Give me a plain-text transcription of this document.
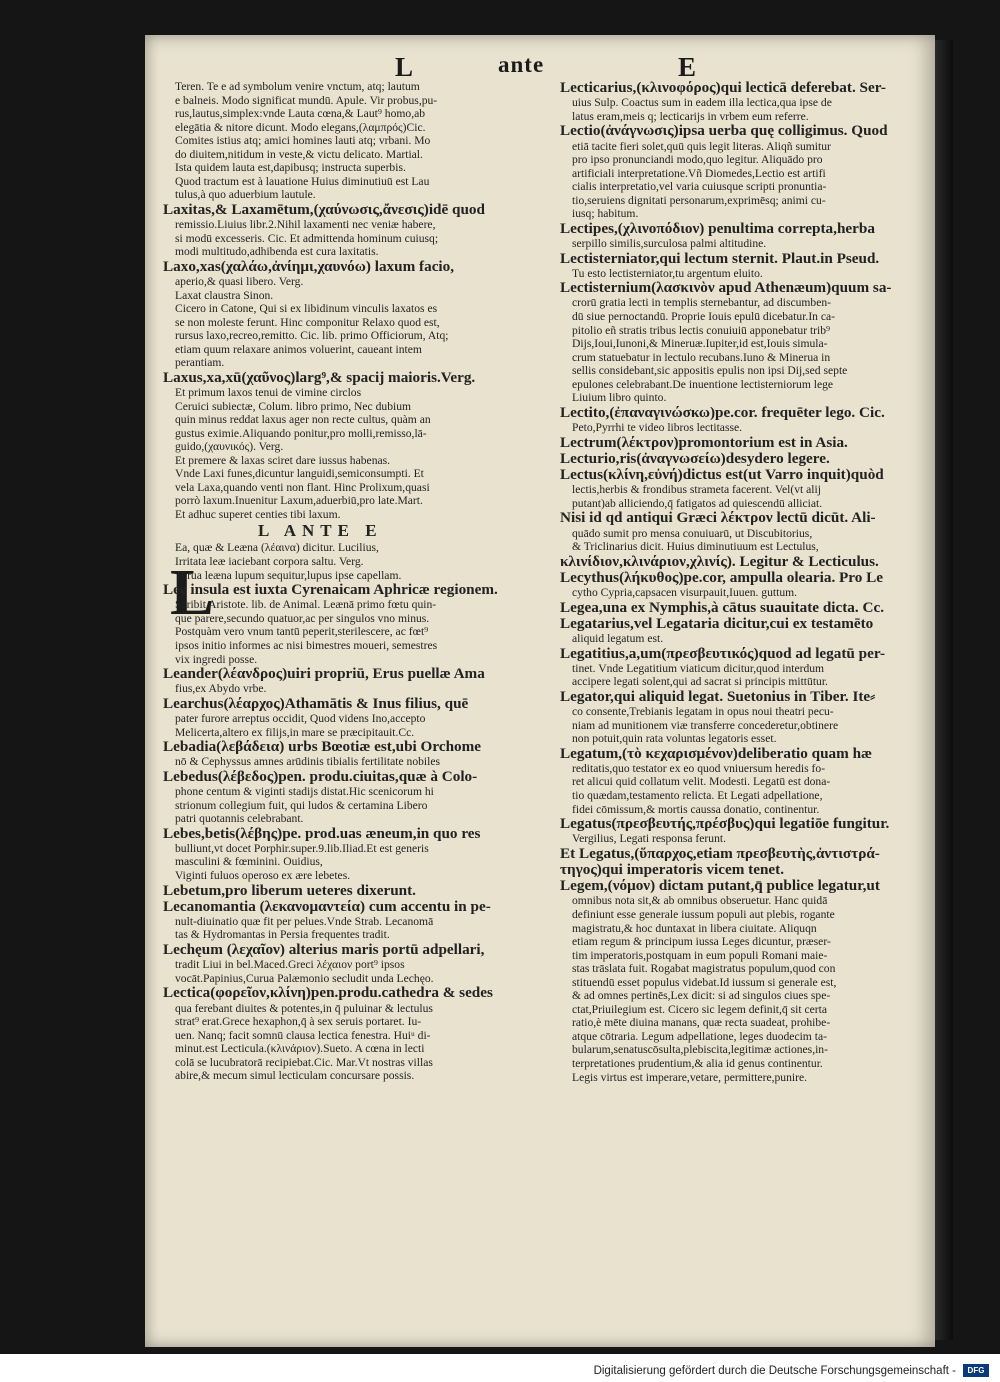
L	ante	E
L
Teren. Te e ad symbolum venire vnctum, atq; lautum
e balneis. Modo significat mundū. Apule. Vir probus,pu-
rus,lautus,simplex:vnde Lauta cœna,& Laut⁹ homo,ab
elegātia & nitore dicunt. Modo elegans,(λαμπρός)Cic.
Comites istius atq; amici homines lauti atq; vrbani. Mo
do diuitem,nitidum in veste,& victu delicato. Martial.
Ista quidem lauta est,dapibusq; instructa superbis.
Quod tractum est à lauatione Huius diminutiuū est Lau
tulus,à quo aduerbium lautule.
Laxitas,& Laxamētum,(χαύνωσις,ἄνεσις)idē quod
remissio.Liuius libr.2.Nihil laxamenti nec veniæ habere,
si modū excesseris. Cic. Et admittenda hominum cuiusq;
modi multitudo,adhibenda est cura laxitatis.
Laxo,xas(χαλάω,ἀνίημι,χαυνόω) laxum facio,
aperio,& quasi libero. Verg.
Laxat claustra Sinon.
Cicero in Catone, Qui si ex libidinum vinculis laxatos es
se non moleste ferunt. Hinc componitur Relaxo quod est,
rursus laxo,recreo,remitto. Cic. lib. primo Officiorum, Atq;
etiam quum relaxare animos voluerint, caueant intem
perantiam.
Laxus,xa,xū(χαῦνος)larg⁹,& spacij maioris.Verg.
Et primum laxos tenui de vimine circlos
Ceruici subiectæ, Colum. libro primo, Nec dubium
quin minus reddat laxus ager non recte cultus, quàm an
gustus eximie.Aliquando ponitur,pro molli,remisso,lā-
guido,(χαυνικός). Verg.
Et premere & laxas sciret dare iussus habenas.
Vnde Laxi funes,dicuntur languidi,semiconsumpti. Et
vela Laxa,quando venti non flant. Hinc Prolixum,quasi
porrò laxum.Inuenitur Laxum,aduerbiū,pro late.Mart.
Et adhuc superet centies tibi laxum.
L ANTE E
Ea, quæ & Leæna (λέαινα) dicitur. Lucilius,
Irritata leæ iaciebant corpora saltu. Verg.
Torua leæna lupum sequitur,lupus ipse capellam.
Lee insula est iuxta Cyrenaicam Aphricæ regionem.
Scribit Aristote. lib. de Animal. Leænā primo fœtu quin-
que parere,secundo quatuor,ac per singulos vno minus.
Postquàm vero vnum tantū peperit,sterilescere, ac fœt⁹
ipsos initio informes ac nisi bimestres moueri, semestres
vix ingredi posse.
Leander(λέανδρος)uiri propriū, Erus puellæ Ama
fius,ex Abydo vrbe.
Learchus(λέαρχος)Athamātis & Inus filius, quē
pater furore arreptus occidit, Quod videns Ino,accepto
Melicerta,altero ex filijs,in mare se præcipitauit.Cc.
Lebadia(λεβάδεια) urbs Bœotiæ est,ubi Orchome
nō & Cephyssus amnes arūdinis tibialis fertilitate nobiles
Lebedus(λέβεδος)pen. produ.ciuitas,quæ à Colo-
phone centum & viginti stadijs distat.Hic scenicorum hi
strionum collegium fuit, qui ludos & certamina Libero
patri quotannis celebrabant.
Lebes,betis(λέβης)pe. prod.uas æneum,in quo res
bulliunt,vt docet Porphir.super.9.lib.Iliad.Et est generis
masculini & fœminini. Ouidius,
Viginti fuluos operoso ex ære lebetes.
Lebetum,pro liberum ueteres dixerunt.
Lecanomantia (λεκανομαντεία) cum accentu in pe-
nult-diuinatio quæ fit per pelues.Vnde Strab. Lecanomā
tas & Hydromantas in Persia frequentes tradit.
Lechęum (λεχαῖον) alterius maris portū adpellari,
tradit Liui in bel.Maced.Greci λέχαιον port⁹ ipsos
vocāt.Papinius,Curua Palæmonio secludit unda Lechęo.
Lectica(φορεῖον,κλίνη)pen.produ.cathedra & sedes
qua ferebant diuites & potentes,in q̄ puluinar & lectulus
strat⁹ erat.Grece hexaphon,q̄ à sex seruis portaret. Iu-
uen. Nanq; facit somnū clausa lectica fenestra. Huiᵘ di-
minut.est Lecticula.(κλινάριον).Sueto. A cœna in lecti
colā se lucubratorā recipiebat.Cic. Mar.Vt nostras villas
abire,& mecum simul lecticulam concursare possis.
Lecticarius,(κλινοφόρος)qui lecticā deferebat. Ser-
uius Sulp. Coactus sum in eadem illa lectica,qua ipse de
latus eram,meis q; lecticarijs in vrbem eum referre.
Lectio(ἀνάγνωσις)ipsa uerba quę colligimus. Quod
etiā tacite fieri solet,quū quis legit literas. Aliqñ sumitur
pro ipso pronunciandi modo,quo legitur. Aliquādo pro
artificiali interpretatione.Vñ Diomedes,Lectio est artifi
cialis interpretatio,vel varia cuiusque scripti pronuntia-
tio,seruiens dignitati personarum,exprimēsq; animi cu-
iusq; habitum.
Lectipes,(χλινοπόδιον) penultima correpta,herba
serpillo similis,surculosa palmi altitudine.
Lectisterniator,qui lectum sternit. Plaut.in Pseud.
Tu esto lectisterniator,tu argentum eluito.
Lectisternium(λασκινὸν apud Athenæum)quum sa-
crorū gratia lecti in templis sternebantur, ad discumben-
dū siue pernoctandū. Proprie Iouis epulū dicebatur.In ca-
pitolio eñ stratis tribus lectis conuiuiū apponebatur trib⁹
Dijs,Ioui,Iunoni,& Mineruæ.Iupiter,id est,Iouis simula-
crum statuebatur in lectulo recubans.Iuno & Minerua in
sellis considebant,sic appositis epulis non ipsi Dij,sed septe
epulones celebrabant.De inuentione lectisterniorum lege
Liuium libro quinto.
Lectito,(ἐπαναγινώσκω)pe.cor. frequēter lego. Cic.
Peto,Pyrrhi te video libros lectitasse.
Lectrum(λέκτρον)promontorium est in Asia.
Lecturio,ris(ἀναγνωσείω)desydero legere.
Lectus(κλίνη,εὐνή)dictus est(ut Varro inquit)quòd
lectis,herbis & frondibus strameta facerent. Vel(vt alij
putant)ab alliciendo,q̄ fatigatos ad quiescendū alliciat.
Nisi id qd antiqui Græci λέκτρον lectū dicūt. Ali-
quādo sumit pro mensa conuiuarū, ut Discubitorius,
& Triclinarius dicit. Huius diminutiuum est Lectulus,
κλινίδιον,κλινάριον,χλινίς). Legitur & Lecticulus.
Lecythus(λήκυθος)pe.cor, ampulla olearia. Pro Le
cytho Cypria,capsacen visurpauit,Iuuen. guttum.
Legea,una ex Nymphis,à cātus suauitate dicta. Cc.
Legatarius,vel Legataria dicitur,cui ex testamēto
aliquid legatum est.
Legatitius,a,um(πρεσβευτικός)quod ad legatū per-
tinet. Vnde Legatitium viaticum dicitur,quod interdum
accipere legati solent,qui ad sacrat si principis mittūtur.
Legator,qui aliquid legat. Suetonius in Tiber. Ite⸗
co consente,Trebianis legatam in opus noui theatri pecu-
niam ad munitionem viæ transferre concederetur,obtinere
non potuit,quin rata voluntas legatoris esset.
Legatum,(τὸ κεχαρισμένον)deliberatio quam hæ
reditatis,quo testator ex eo quod vniuersum heredis fo-
ret alicui quid collatum velit. Modesti. Legatū est dona-
tio quædam,testamento relicta. Et Legati adpellatione,
fidei cōmissum,& mortis caussa donatio, continentur.
Legatus(πρεσβευτής,πρέσβυς)qui legatiōe fungitur.
Vergilius, Legati responsa ferunt.
Et Legatus,(ὕπαρχος,etiam πρεσβευτὴς,ἀντιστρά-
τηγος)qui imperatoris vicem tenet.
Legem,(νόμον) dictam putant,q̄ publice legatur,ut
omnibus nota sit,& ab omnibus obseruetur. Hanc quidā
definiunt esse generale iussum populi aut plebis, rogante
magistratu,& hoc duntaxat in libera ciuitate. Aliquqn
etiam regum & principum iussa Leges dicuntur, præser-
tim imperatoris,postquam in eum populi Romani maie-
stas trāslata fuit. Rogabat magistratus populum,quod con
stituendū esset populus videbat.Id iussum si generale est,
& ad omnes pertinēs,Lex dicit: si ad singulos ciues spe-
ctat,Priuilegium est. Cicero sic legem definit,q̄ sit certa
ratio,è mēte diuina manans, quæ recta suadeat, prohibe-
atque cōtraria. Legum adpellatione, leges duodecim ta-
bularum,senatuscōsulta,plebiscita,legitimæ actiones,in-
terpretationes prudentium,& alia id genus continentur.
Legis virtus est imperare,vetare, permittere,punire.
Digitalisierung gefördert durch die Deutsche Forschungsgemeinschaft -	DFG
